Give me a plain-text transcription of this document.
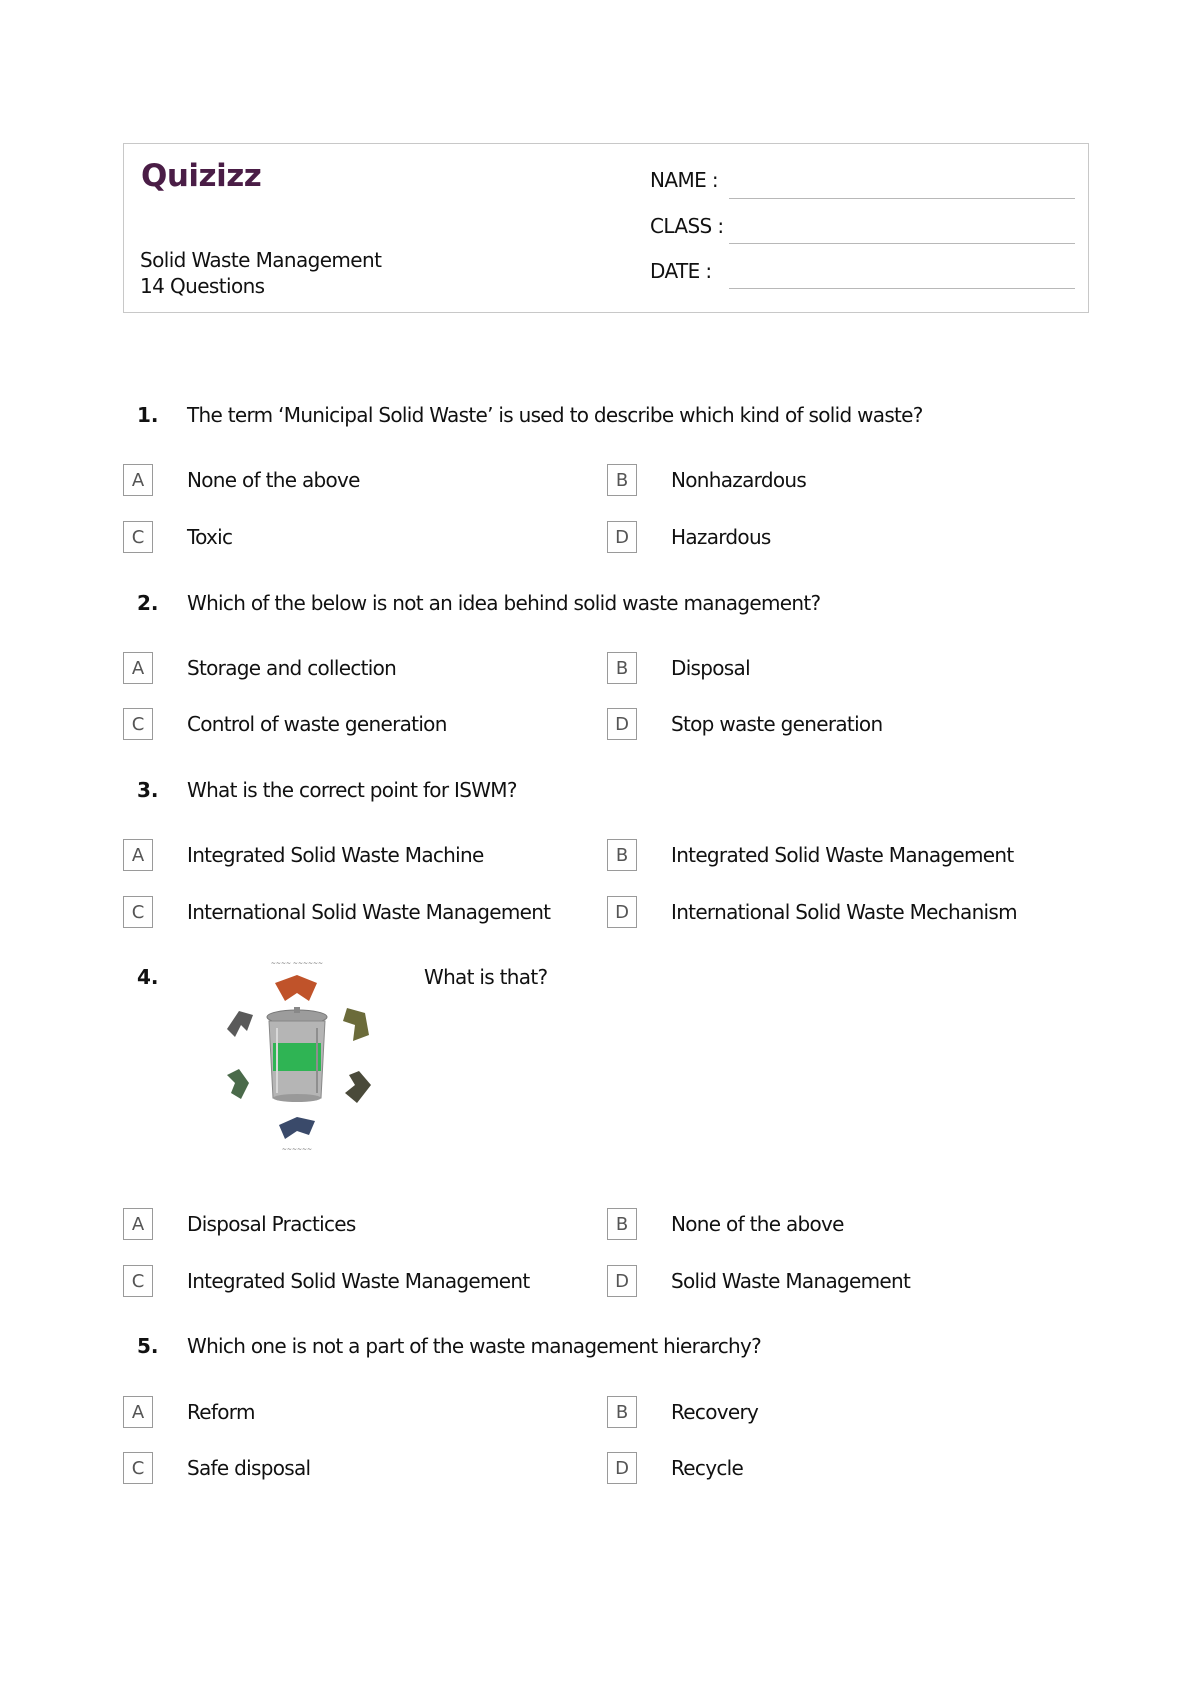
Quizizz
Solid Waste Management
14 Questions
NAME :
CLASS :
DATE :
1. The term ‘Municipal Solid Waste’ is used to describe which kind of solid waste?
A	None of the above	B	Nonhazardous
C	Toxic	D	Hazardous
2. Which of the below is not an idea behind solid waste management?
A	Storage and collection	B	Disposal
C	Control of waste generation	D	Stop waste generation
3. What is the correct point for ISWM?
A	Integrated Solid Waste Machine	B	Integrated Solid Waste Management
C	International Solid Waste Management	D	International Solid Waste Mechanism
4.	What is that?
~~~~ ~~~~~~
~~~~~~
A	Disposal Practices	B	None of the above
C	Integrated Solid Waste Management	D	Solid Waste Management
5. Which one is not a part of the waste management hierarchy?
A	Reform	B	Recovery
C	Safe disposal	D	Recycle
